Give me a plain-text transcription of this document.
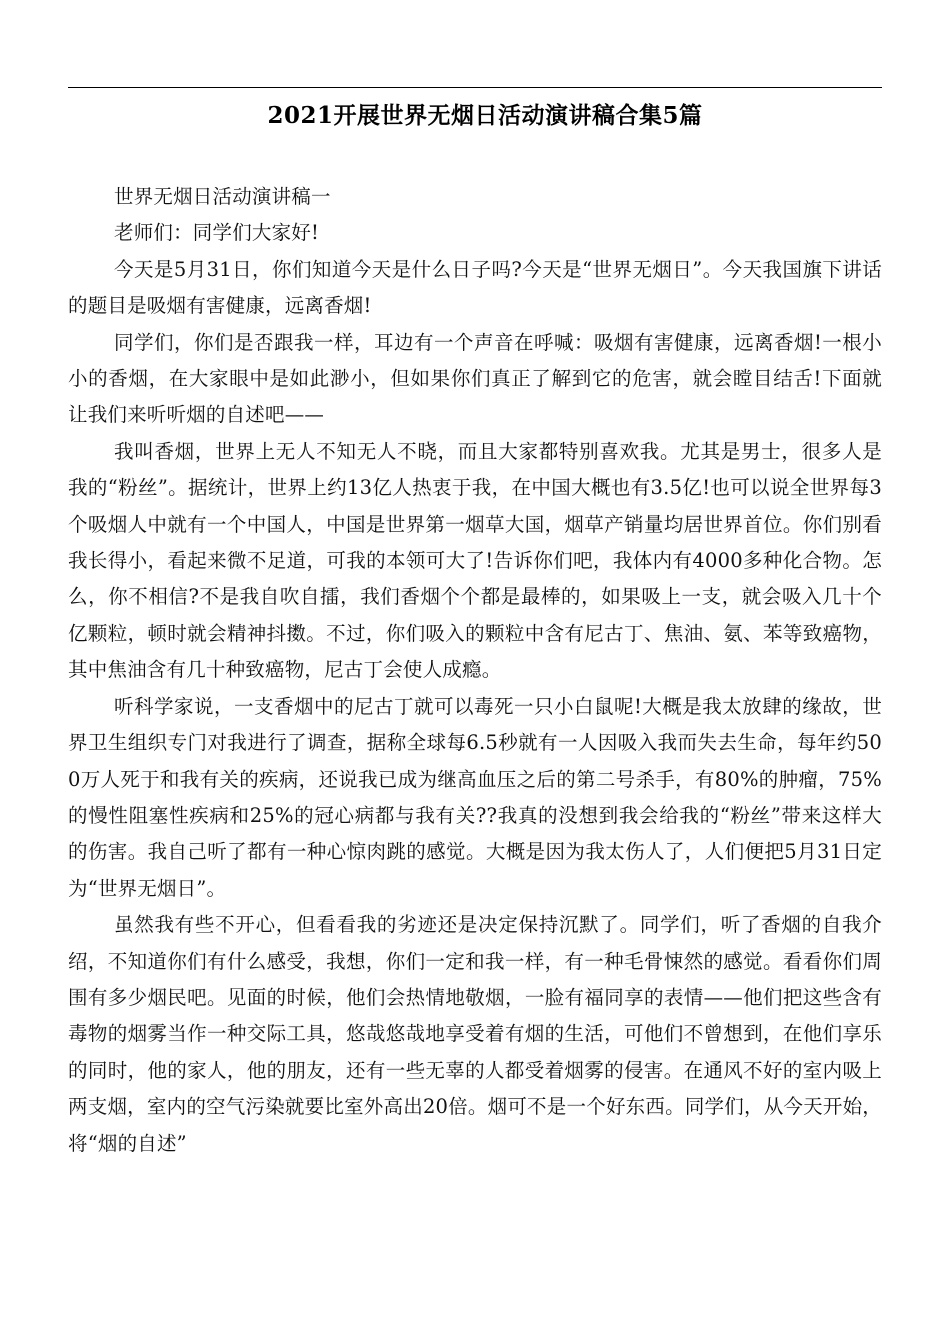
2021开展世界无烟日活动演讲稿合集5篇

世界无烟日活动演讲稿一

老师们：同学们大家好!

今天是5月31日，你们知道今天是什么日子吗?今天是“世界无烟日”。今天我国旗下讲话的题目是吸烟有害健康，远离香烟!

同学们，你们是否跟我一样，耳边有一个声音在呼喊：吸烟有害健康，远离香烟!一根小小的香烟，在大家眼中是如此渺小，但如果你们真正了解到它的危害，就会瞠目结舌!下面就让我们来听听烟的自述吧——

我叫香烟，世界上无人不知无人不晓，而且大家都特别喜欢我。尤其是男士，很多人是我的“粉丝”。据统计，世界上约13亿人热衷于我，在中国大概也有3.5亿!也可以说全世界每3个吸烟人中就有一个中国人，中国是世界第一烟草大国，烟草产销量均居世界首位。你们别看我长得小，看起来微不足道，可我的本领可大了!告诉你们吧，我体内有4000多种化合物。怎么，你不相信?不是我自吹自擂，我们香烟个个都是最棒的，如果吸上一支，就会吸入几十个亿颗粒，顿时就会精神抖擞。不过，你们吸入的颗粒中含有尼古丁、焦油、氨、苯等致癌物，其中焦油含有几十种致癌物，尼古丁会使人成瘾。

听科学家说，一支香烟中的尼古丁就可以毒死一只小白鼠呢!大概是我太放肆的缘故，世界卫生组织专门对我进行了调查，据称全球每6.5秒就有一人因吸入我而失去生命，每年约500万人死于和我有关的疾病，还说我已成为继高血压之后的第二号杀手，有80%的肿瘤，75%的慢性阻塞性疾病和25%的冠心病都与我有关??我真的没想到我会给我的“粉丝”带来这样大的伤害。我自己听了都有一种心惊肉跳的感觉。大概是因为我太伤人了，人们便把5月31日定为“世界无烟日”。

虽然我有些不开心，但看看我的劣迹还是决定保持沉默了。同学们，听了香烟的自我介绍，不知道你们有什么感受，我想，你们一定和我一样，有一种毛骨悚然的感觉。看看你们周围有多少烟民吧。见面的时候，他们会热情地敬烟，一脸有福同享的表情——他们把这些含有毒物的烟雾当作一种交际工具，悠哉悠哉地享受着有烟的生活，可他们不曾想到，在他们享乐的同时，他的家人，他的朋友，还有一些无辜的人都受着烟雾的侵害。在通风不好的室内吸上两支烟，室内的空气污染就要比室外高出20倍。烟可不是一个好东西。同学们，从今天开始，将“烟的自述”
